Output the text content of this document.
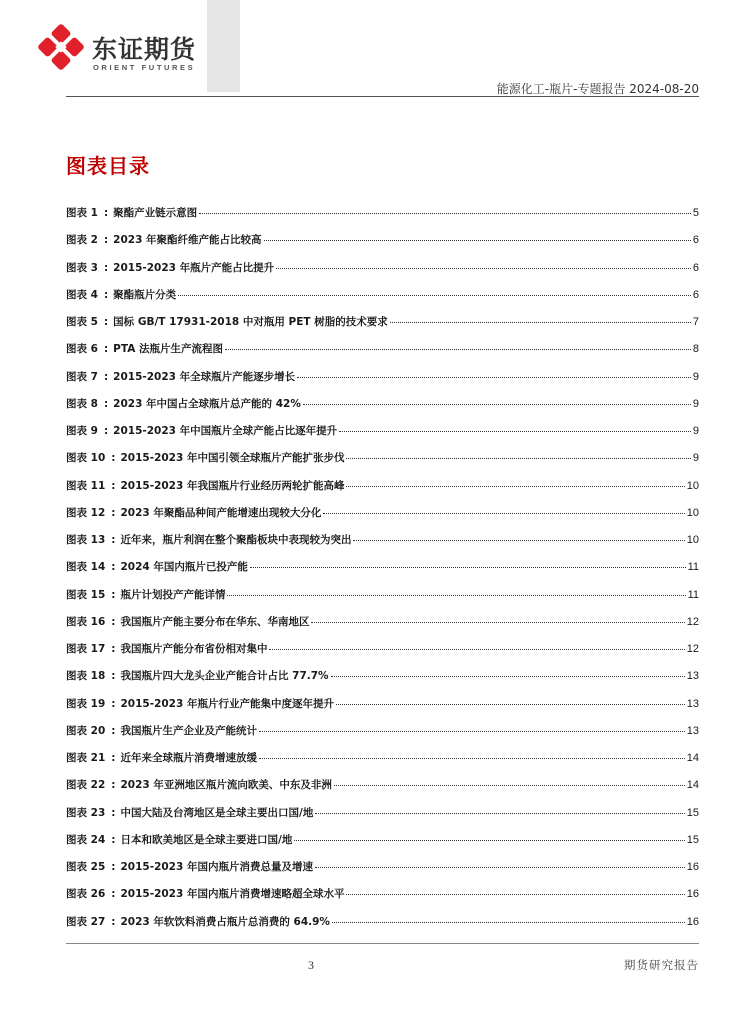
东证期货
ORIENT FUTURES
能源化工-瓶片-专题报告 2024-08-20
图表目录
图表 1 : 聚酯产业链示意图	5
图表 2 : 2023 年聚酯纤维产能占比较高	6
图表 3 : 2015-2023 年瓶片产能占比提升	6
图表 4 : 聚酯瓶片分类	6
图表 5 : 国标 GB/T 17931-2018 中对瓶用 PET 树脂的技术要求	7
图表 6 : PTA 法瓶片生产流程图	8
图表 7 : 2015-2023 年全球瓶片产能逐步增长	9
图表 8 : 2023 年中国占全球瓶片总产能的 42%	9
图表 9 : 2015-2023 年中国瓶片全球产能占比逐年提升	9
图表 10 : 2015-2023 年中国引领全球瓶片产能扩张步伐	9
图表 11 : 2015-2023 年我国瓶片行业经历两轮扩能高峰	10
图表 12 : 2023 年聚酯品种间产能增速出现较大分化	10
图表 13 : 近年来，瓶片利润在整个聚酯板块中表现较为突出	10
图表 14 : 2024 年国内瓶片已投产能	11
图表 15 : 瓶片计划投产产能详情	11
图表 16 : 我国瓶片产能主要分布在华东、华南地区	12
图表 17 : 我国瓶片产能分布省份相对集中	12
图表 18 : 我国瓶片四大龙头企业产能合计占比 77.7%	13
图表 19 : 2015-2023 年瓶片行业产能集中度逐年提升	13
图表 20 : 我国瓶片生产企业及产能统计	13
图表 21 : 近年来全球瓶片消费增速放缓	14
图表 22 : 2023 年亚洲地区瓶片流向欧美、中东及非洲	14
图表 23 : 中国大陆及台湾地区是全球主要出口国/地	15
图表 24 : 日本和欧美地区是全球主要进口国/地	15
图表 25 : 2015-2023 年国内瓶片消费总量及增速	16
图表 26 : 2015-2023 年国内瓶片消费增速略超全球水平	16
图表 27 : 2023 年软饮料消费占瓶片总消费的 64.9%	16
3	期货研究报告
